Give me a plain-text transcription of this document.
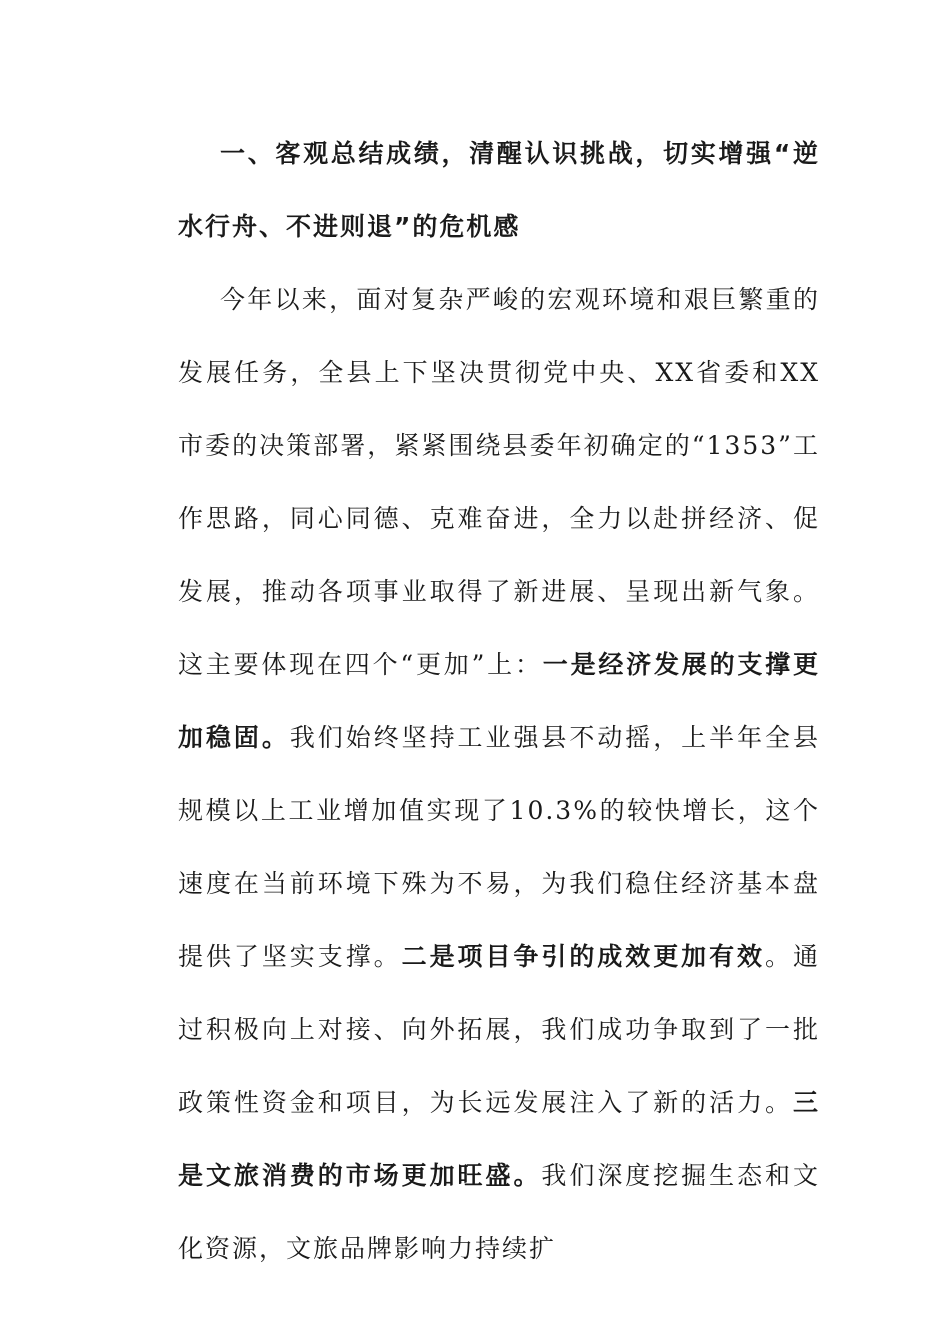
一、客观总结成绩，清醒认识挑战，切实增强“逆水行舟、不进则退”的危机感

今年以来，面对复杂严峻的宏观环境和艰巨繁重的发展任务，全县上下坚决贯彻党中央、XX省委和XX市委的决策部署，紧紧围绕县委年初确定的“1353”工作思路，同心同德、克难奋进，全力以赴拼经济、促发展，推动各项事业取得了新进展、呈现出新气象。这主要体现在四个“更加”上：一是经济发展的支撑更加稳固。我们始终坚持工业强县不动摇，上半年全县规模以上工业增加值实现了10.3%的较快增长，这个速度在当前环境下殊为不易，为我们稳住经济基本盘提供了坚实支撑。二是项目争引的成效更加有效。通过积极向上对接、向外拓展，我们成功争取到了一批政策性资金和项目，为长远发展注入了新的活力。三是文旅消费的市场更加旺盛。我们深度挖掘生态和文化资源，文旅品牌影响力持续扩
